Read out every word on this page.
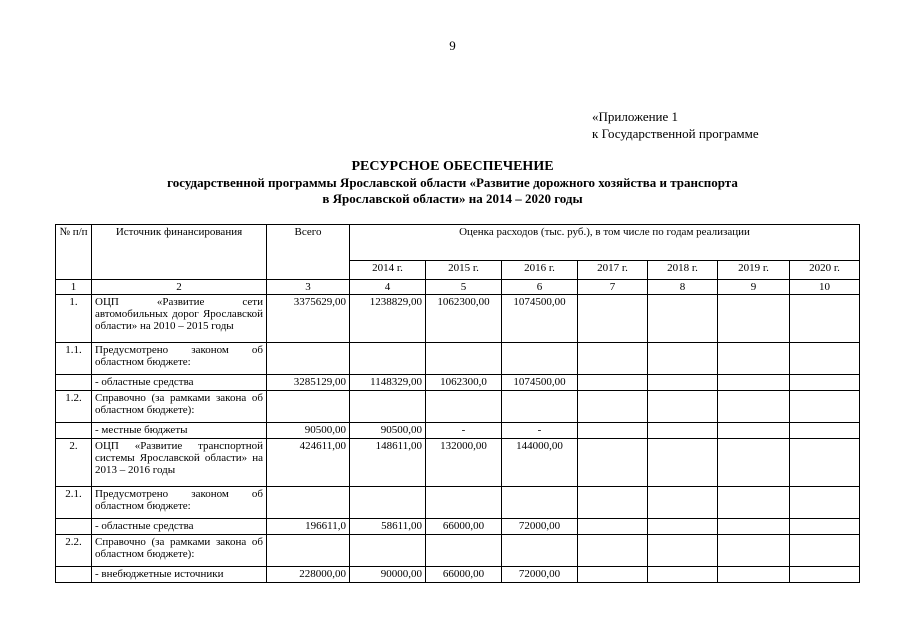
9
«Приложение 1
к Государственной программе
РЕСУРСНОЕ ОБЕСПЕЧЕНИЕ
государственной программы Ярославской области «Развитие дорожного хозяйства и транспорта
в Ярославской области» на 2014 – 2020 годы
№ п/п	Источник финансирования	Всего	Оценка расходов (тыс. руб.), в том числе по годам реализации						
			2014 г.	2015 г.	2016 г.	2017 г.	2018 г.	2019 г.	2020 г.
1	2	3	4	5	6	7	8	9	10
1.	ОЦП «Развитие сети автомобильных дорог Ярославской области» на 2010 – 2015 годы	3375629,00	1238829,00	1062300,00	1074500,00				
1.1.	Предусмотрено законом об областном бюджете:								
	- областные средства	3285129,00	1148329,00	1062300,0	1074500,00				
1.2.	Справочно (за рамками закона об областном бюджете):								
	- местные бюджеты	90500,00	90500,00	-	-				
2.	ОЦП «Развитие транспортной системы Ярославской области» на 2013 – 2016 годы	424611,00	148611,00	132000,00	144000,00				
2.1.	Предусмотрено законом об областном бюджете:								
	- областные средства	196611,0	58611,00	66000,00	72000,00				
2.2.	Справочно (за рамками закона об областном бюджете):								
	- внебюджетные источники	228000,00	90000,00	66000,00	72000,00				
